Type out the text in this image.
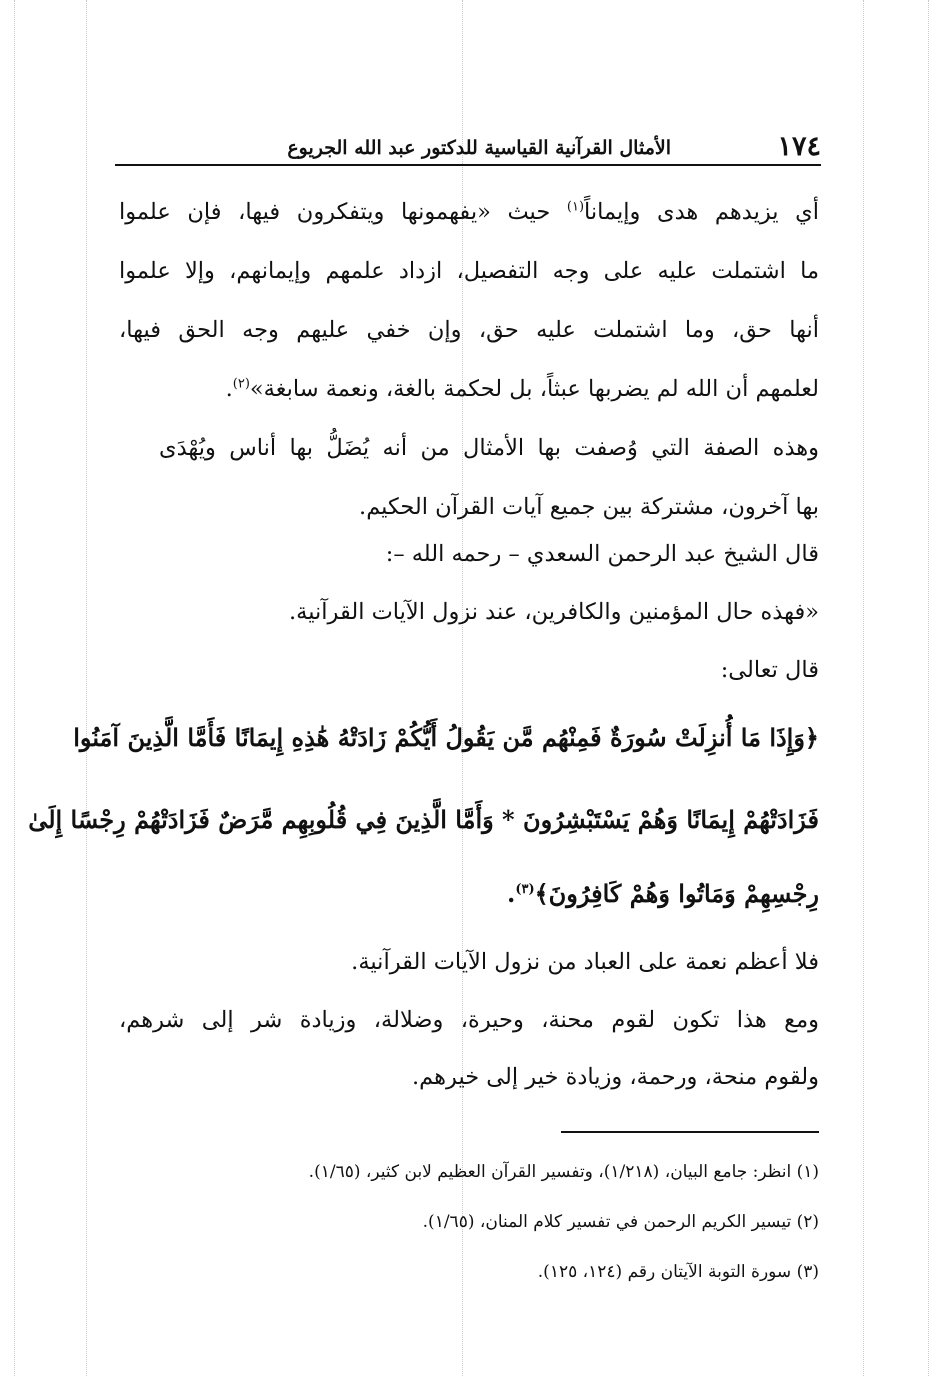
١٧٤
الأمثال القرآنية القياسية للدكتور عبد الله الجريوع
أي يزيدهم هدى وإيماناً$^{(١)}$ حيث «يفهمونها ويتفكرون فيها، فإن علموا
ما اشتملت عليه على وجه التفصيل، ازداد علمهم وإيمانهم، وإلا علموا
أنها حق، وما اشتملت عليه حق، وإن خفي عليهم وجه الحق فيها،
لعلمهم أن الله لم يضربها عبثاً، بل لحكمة بالغة، ونعمة سابغة»$^{(٢)}$.
وهذه الصفة التي وُصفت بها الأمثال من أنه يُضَلُّ بها أناس ويُهْدَى
بها آخرون، مشتركة بين جميع آيات القرآن الحكيم.
قال الشيخ عبد الرحمن السعدي – رحمه الله –:
«فهذه حال المؤمنين والكافرين، عند نزول الآيات القرآنية.
قال تعالى:
﴿وَإِذَا مَا أُنزِلَتْ سُورَةٌ فَمِنْهُم مَّن يَقُولُ أَيُّكُمْ زَادَتْهُ هَٰذِهِ إِيمَانًا فَأَمَّا الَّذِينَ آمَنُوا
فَزَادَتْهُمْ إِيمَانًا وَهُمْ يَسْتَبْشِرُونَ * وَأَمَّا الَّذِينَ فِي قُلُوبِهِم مَّرَضٌ فَزَادَتْهُمْ رِجْسًا إِلَىٰ
رِجْسِهِمْ وَمَاتُوا وَهُمْ كَافِرُونَ﴾$^{(٣)}$.
فلا أعظم نعمة على العباد من نزول الآيات القرآنية.
ومع هذا تكون لقوم محنة، وحيرة، وضلالة، وزيادة شر إلى شرهم،
ولقوم منحة، ورحمة، وزيادة خير إلى خيرهم.
(١) انظر: جامع البيان، (١/٢١٨)، وتفسير القرآن العظيم لابن كثير، (١/٦٥).
(٢) تيسير الكريم الرحمن في تفسير كلام المنان، (١/٦٥).
(٣) سورة التوبة الآيتان رقم (١٢٤، ١٢٥).
